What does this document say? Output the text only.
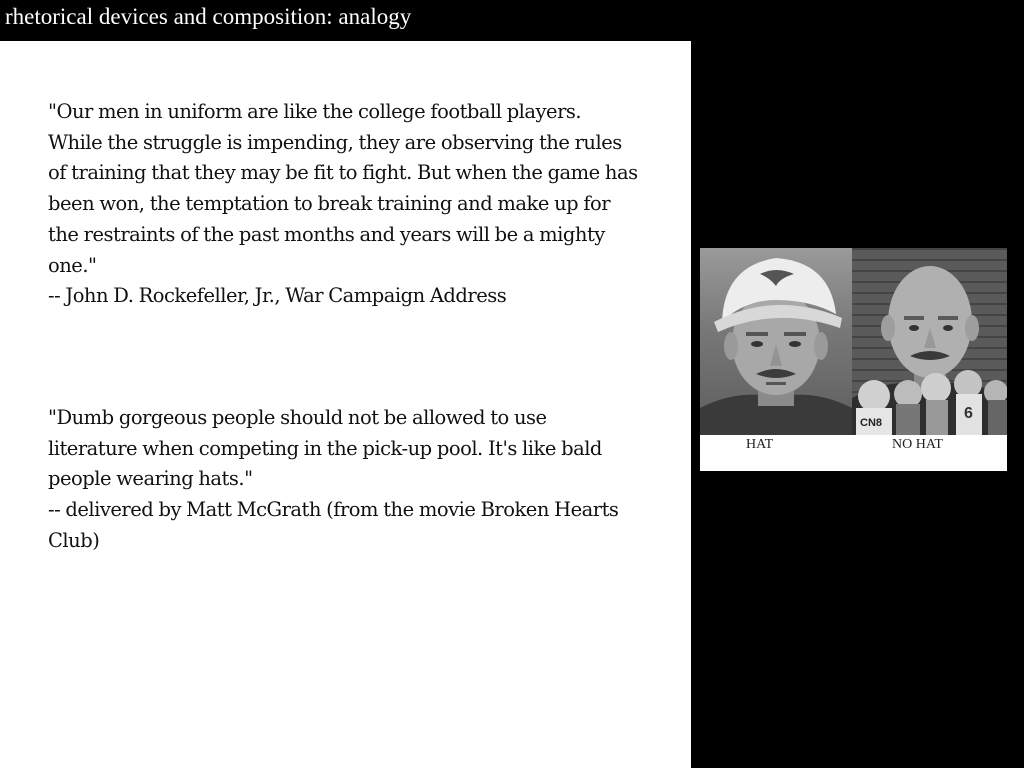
rhetorical devices and composition: analogy

"Our men in uniform are like the college football players. While the struggle is impending, they are observing the rules of training that they may be fit to fight. But when the game has been won, the temptation to break training and make up for the restraints of the past months and years will be a mighty one."

-- John D. Rockefeller, Jr., War Campaign Address

"Dumb gorgeous people should not be allowed to use literature when competing in the pick-up pool. It's like bald people wearing hats."

-- delivered by Matt McGrath (from the movie Broken Hearts Club)

CN8
6
HAT	NO HAT
